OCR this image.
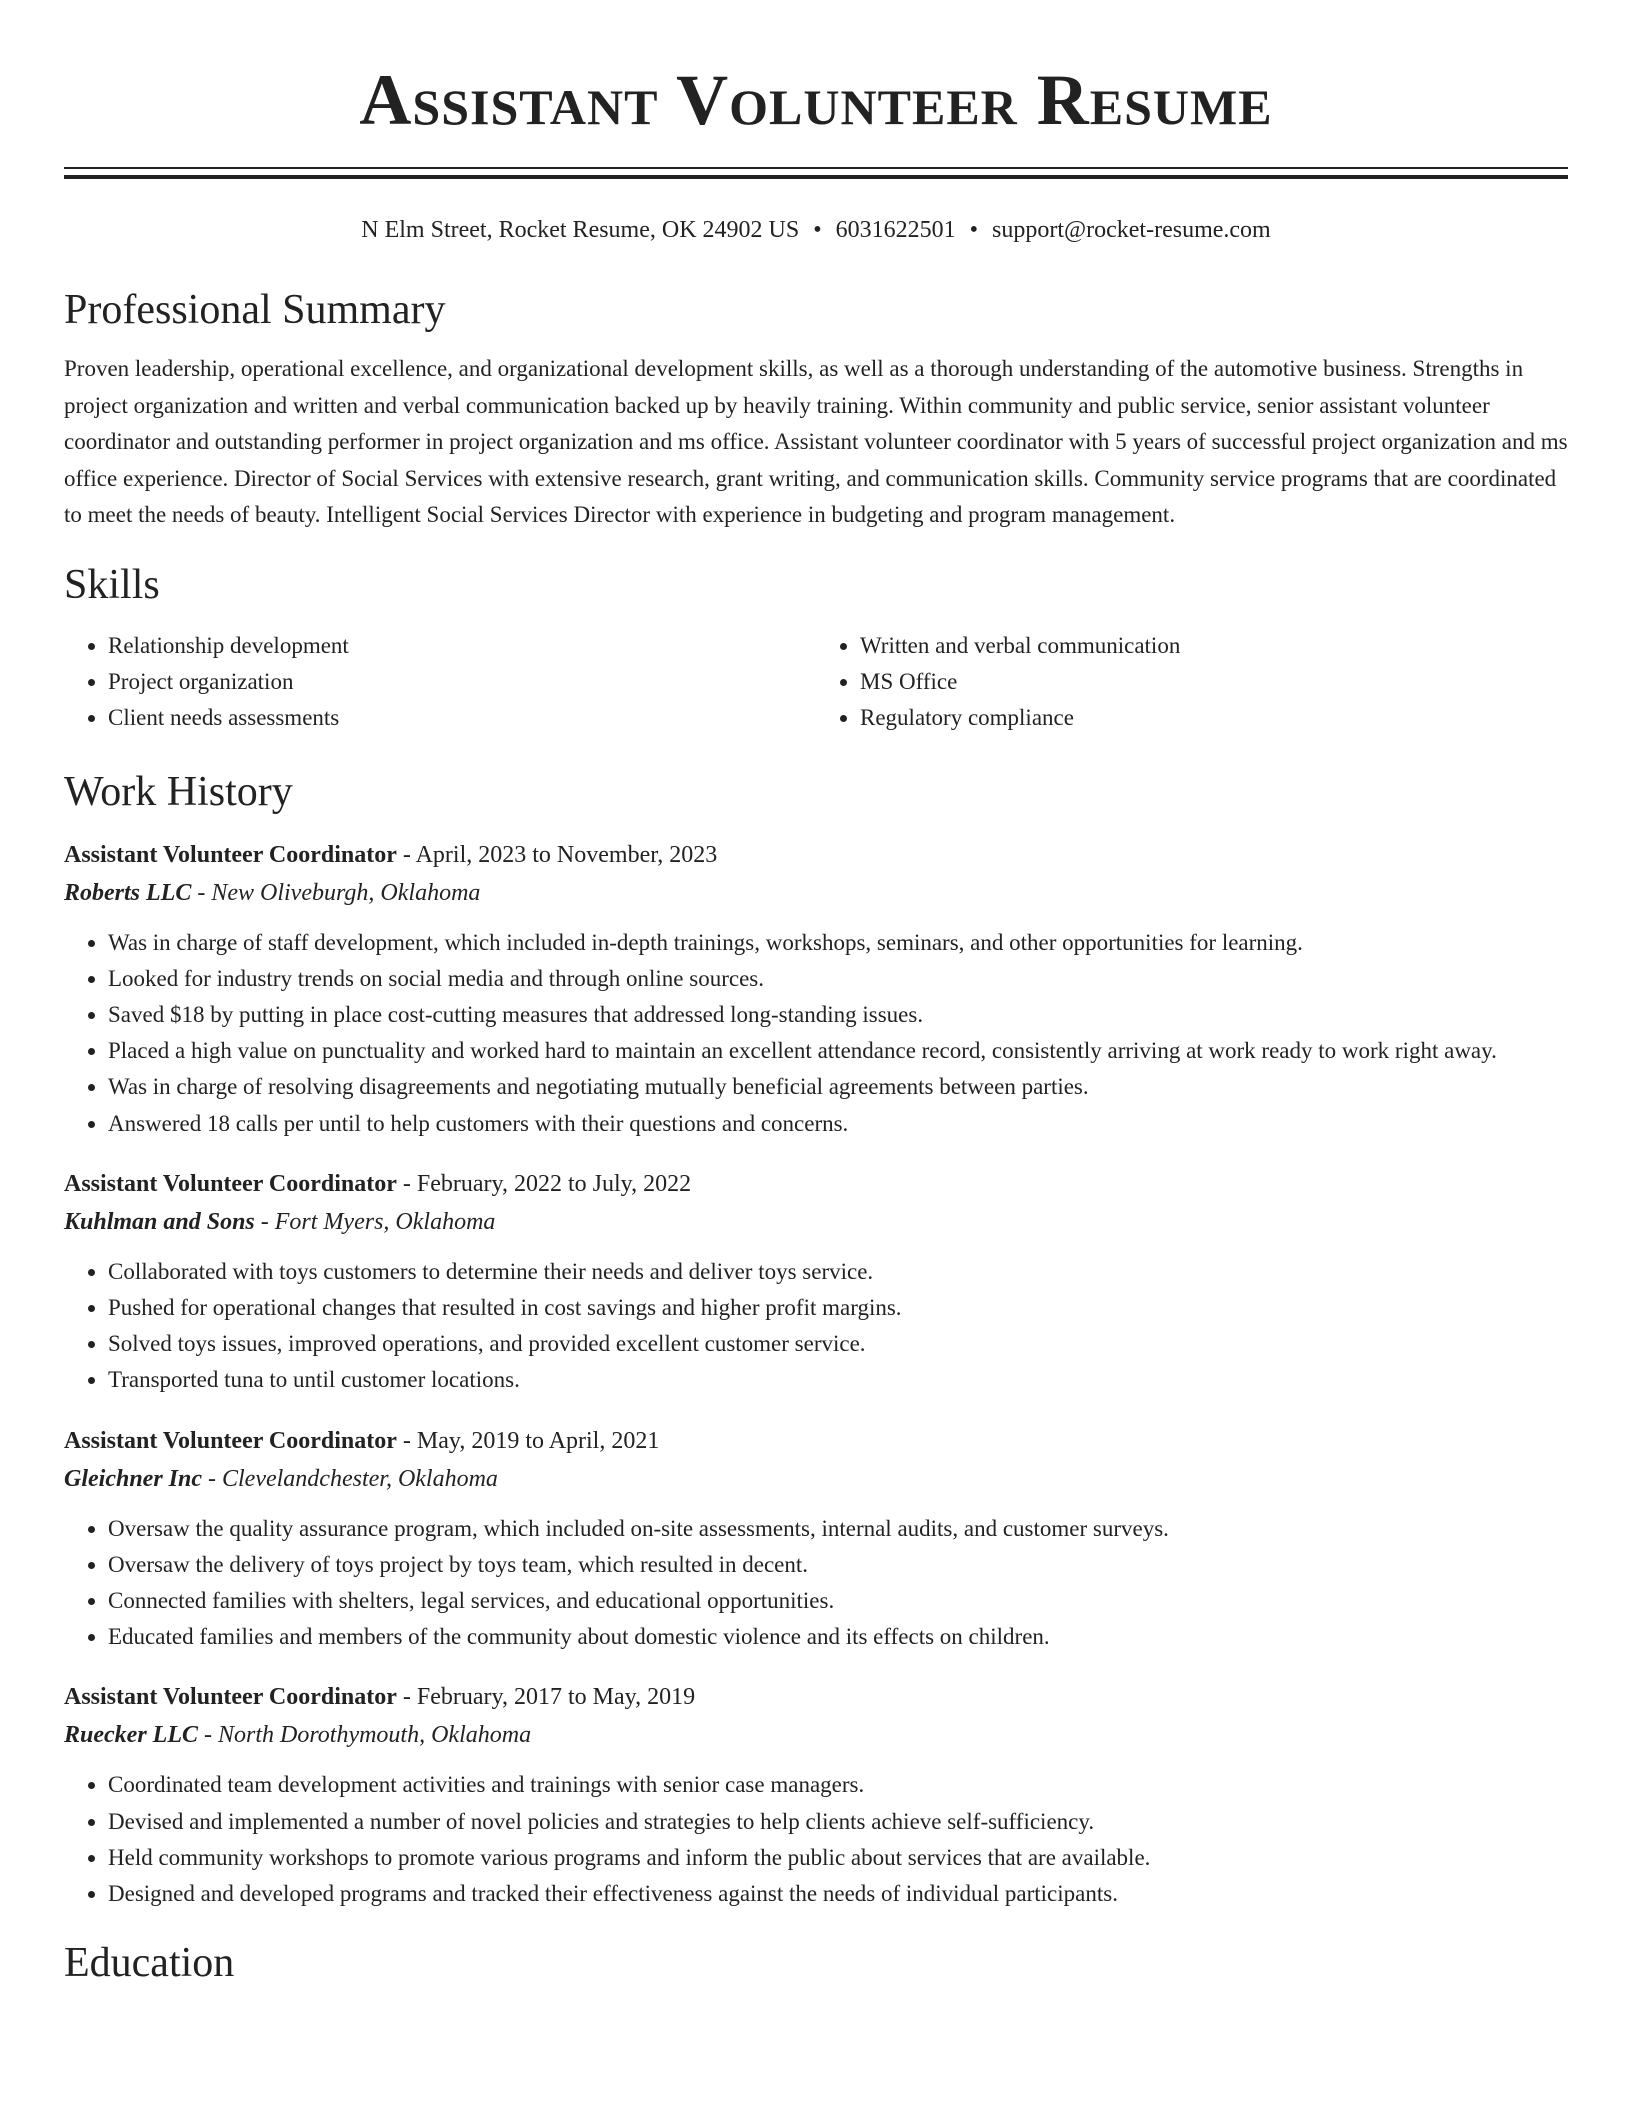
Assistant Volunteer Resume
N Elm Street, Rocket Resume, OK 24902 US • 6031622501 • support@rocket-resume.com
Professional Summary
Proven leadership, operational excellence, and organizational development skills, as well as a thorough understanding of the automotive business. Strengths in project organization and written and verbal communication backed up by heavily training. Within community and public service, senior assistant volunteer coordinator and outstanding performer in project organization and ms office. Assistant volunteer coordinator with 5 years of successful project organization and ms office experience. Director of Social Services with extensive research, grant writing, and communication skills. Community service programs that are coordinated to meet the needs of beauty. Intelligent Social Services Director with experience in budgeting and program management.
Skills
• Relationship development
• Project organization
• Client needs assessments
• Written and verbal communication
• MS Office
• Regulatory compliance
Work History
Assistant Volunteer Coordinator - April, 2023 to November, 2023
Roberts LLC - New Oliveburgh, Oklahoma
• Was in charge of staff development, which included in-depth trainings, workshops, seminars, and other opportunities for learning.
• Looked for industry trends on social media and through online sources.
• Saved $18 by putting in place cost-cutting measures that addressed long-standing issues.
• Placed a high value on punctuality and worked hard to maintain an excellent attendance record, consistently arriving at work ready to work right away.
• Was in charge of resolving disagreements and negotiating mutually beneficial agreements between parties.
• Answered 18 calls per until to help customers with their questions and concerns.
Assistant Volunteer Coordinator - February, 2022 to July, 2022
Kuhlman and Sons - Fort Myers, Oklahoma
• Collaborated with toys customers to determine their needs and deliver toys service.
• Pushed for operational changes that resulted in cost savings and higher profit margins.
• Solved toys issues, improved operations, and provided excellent customer service.
• Transported tuna to until customer locations.
Assistant Volunteer Coordinator - May, 2019 to April, 2021
Gleichner Inc - Clevelandchester, Oklahoma
• Oversaw the quality assurance program, which included on-site assessments, internal audits, and customer surveys.
• Oversaw the delivery of toys project by toys team, which resulted in decent.
• Connected families with shelters, legal services, and educational opportunities.
• Educated families and members of the community about domestic violence and its effects on children.
Assistant Volunteer Coordinator - February, 2017 to May, 2019
Ruecker LLC - North Dorothymouth, Oklahoma
• Coordinated team development activities and trainings with senior case managers.
• Devised and implemented a number of novel policies and strategies to help clients achieve self-sufficiency.
• Held community workshops to promote various programs and inform the public about services that are available.
• Designed and developed programs and tracked their effectiveness against the needs of individual participants.
Education
